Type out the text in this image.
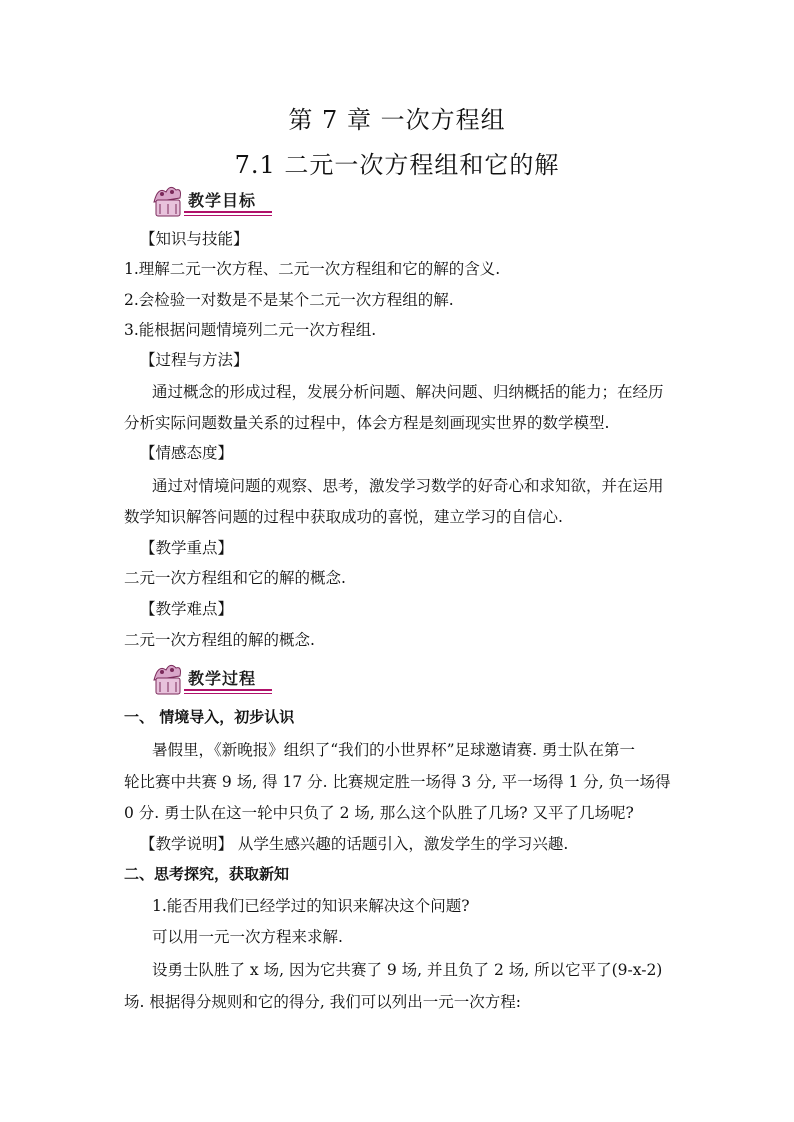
第 7 章 一次方程组
7.1 二元一次方程组和它的解
教学目标
【知识与技能】
1.理解二元一次方程、二元一次方程组和它的解的含义.
2.会检验一对数是不是某个二元一次方程组的解.
3.能根据问题情境列二元一次方程组.
【过程与方法】
通过概念的形成过程，发展分析问题、解决问题、归纳概括的能力；在经历
分析实际问题数量关系的过程中，体会方程是刻画现实世界的数学模型.
【情感态度】
通过对情境问题的观察、思考，激发学习数学的好奇心和求知欲，并在运用
数学知识解答问题的过程中获取成功的喜悦，建立学习的自信心.
【教学重点】
二元一次方程组和它的解的概念.
【教学难点】
二元一次方程组的解的概念.
教学过程
一、 情境导入，初步认识
暑假里，《新晚报》组织了“我们的小世界杯”足球邀请赛. 勇士队在第一
轮比赛中共赛 9 场, 得 17 分. 比赛规定胜一场得 3 分, 平一场得 1 分, 负一场得
0 分. 勇士队在这一轮中只负了 2 场, 那么这个队胜了几场? 又平了几场呢?
【教学说明】 从学生感兴趣的话题引入，激发学生的学习兴趣.
二、思考探究，获取新知
1.能否用我们已经学过的知识来解决这个问题?
可以用一元一次方程来求解.
设勇士队胜了 x 场, 因为它共赛了 9 场, 并且负了 2 场, 所以它平了(9-x-2)
场. 根据得分规则和它的得分, 我们可以列出一元一次方程:
